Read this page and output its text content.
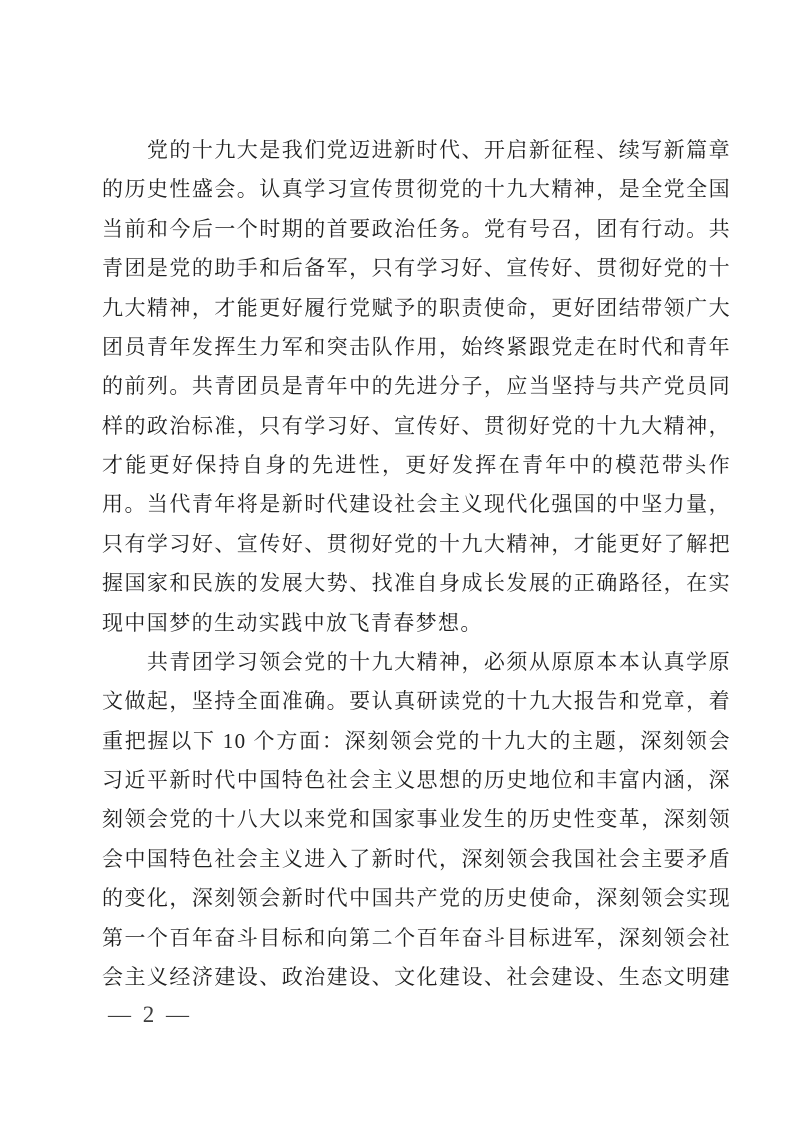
　　党的十九大是我们党迈进新时代、开启新征程、续写新篇章
的历史性盛会。认真学习宣传贯彻党的十九大精神，是全党全国
当前和今后一个时期的首要政治任务。党有号召，团有行动。共
青团是党的助手和后备军，只有学习好、宣传好、贯彻好党的十
九大精神，才能更好履行党赋予的职责使命，更好团结带领广大
团员青年发挥生力军和突击队作用，始终紧跟党走在时代和青年
的前列。共青团员是青年中的先进分子，应当坚持与共产党员同
样的政治标准，只有学习好、宣传好、贯彻好党的十九大精神，
才能更好保持自身的先进性，更好发挥在青年中的模范带头作
用。当代青年将是新时代建设社会主义现代化强国的中坚力量，
只有学习好、宣传好、贯彻好党的十九大精神，才能更好了解把
握国家和民族的发展大势、找准自身成长发展的正确路径，在实
现中国梦的生动实践中放飞青春梦想。
　　共青团学习领会党的十九大精神，必须从原原本本认真学原
文做起，坚持全面准确。要认真研读党的十九大报告和党章，着
重把握以下 10 个方面：深刻领会党的十九大的主题，深刻领会
习近平新时代中国特色社会主义思想的历史地位和丰富内涵，深
刻领会党的十八大以来党和国家事业发生的历史性变革，深刻领
会中国特色社会主义进入了新时代，深刻领会我国社会主要矛盾
的变化，深刻领会新时代中国共产党的历史使命，深刻领会实现
第一个百年奋斗目标和向第二个百年奋斗目标进军，深刻领会社
会主义经济建设、政治建设、文化建设、社会建设、生态文明建
— 2 —
